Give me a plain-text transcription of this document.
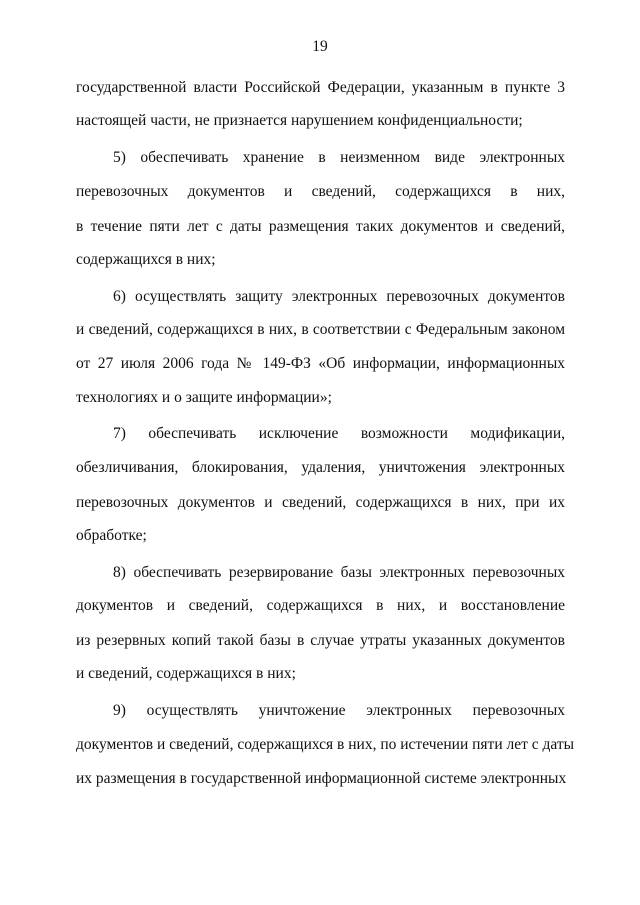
19
государственной власти Российской Федерации, указанным в пункте 3
настоящей части, не признается нарушением конфиденциальности;
5) обеспечивать хранение в неизменном виде электронных
перевозочных документов и сведений, содержащихся в них,
в течение пяти лет с даты размещения таких документов и сведений,
содержащихся в них;
6) осуществлять защиту электронных перевозочных документов
и сведений, содержащихся в них, в соответствии с Федеральным законом
от 27 июля 2006 года № 149-ФЗ «Об информации, информационных
технологиях и о защите информации»;
7) обеспечивать исключение возможности модификации,
обезличивания, блокирования, удаления, уничтожения электронных
перевозочных документов и сведений, содержащихся в них, при их
обработке;
8) обеспечивать резервирование базы электронных перевозочных
документов и сведений, содержащихся в них, и восстановление
из резервных копий такой базы в случае утраты указанных документов
и сведений, содержащихся в них;
9) осуществлять уничтожение электронных перевозочных
документов и сведений, содержащихся в них, по истечении пяти лет с даты
их размещения в государственной информационной системе электронных
